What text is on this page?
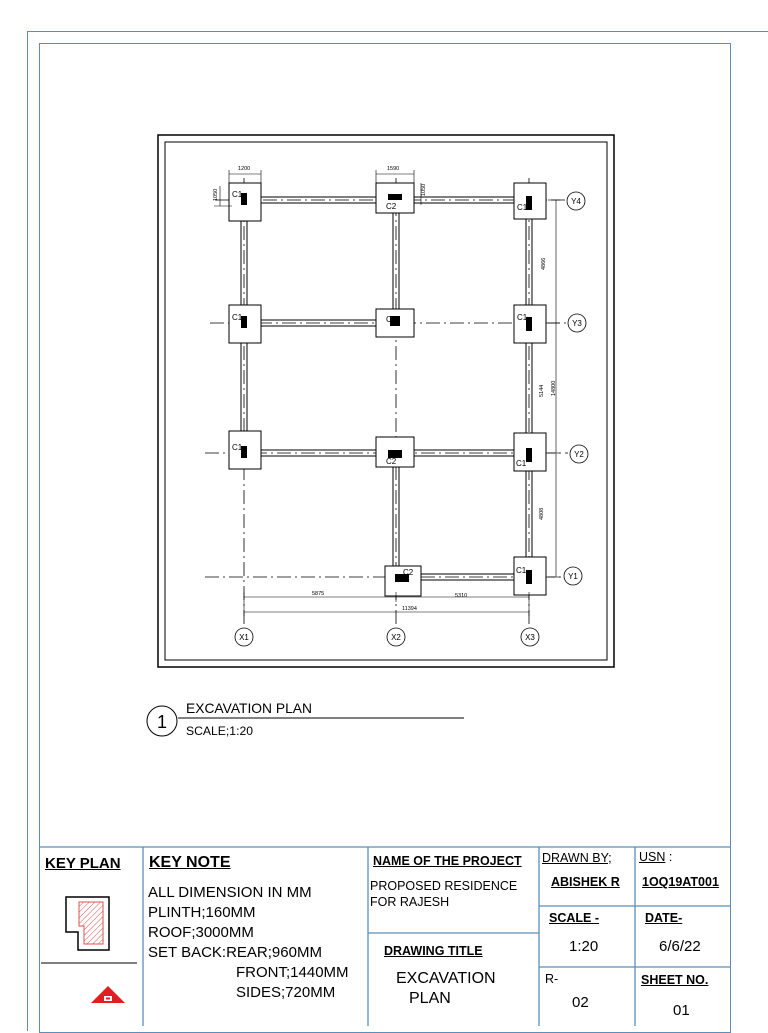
C1
C2	C1
C1	C2	C1
C1
C2	C1
C2	C1
1200	1590
1050	1050
4866
5144 14800
4808
5875	5310
11394
X1	X2	X3
Y4
Y3
Y2
Y1
1
EXCAVATION PLAN
SCALE;1:20
KEY PLAN KEY NOTE
ALL DIMENSION IN MM
PLINTH;160MM
ROOF;3000MM
SET BACK:REAR;960MM
FRONT;1440MM
SIDES;720MM
NAME OF THE PROJECT
PROPOSED RESIDENCE
FOR RAJESH
DRAWING TITLE
EXCAVATION
PLAN
DRAWN BY;
ABISHEK R
USN :
1OQ19AT001
SCALE -
1:20
DATE-
6/6/22
R-
02
SHEET NO.
01
